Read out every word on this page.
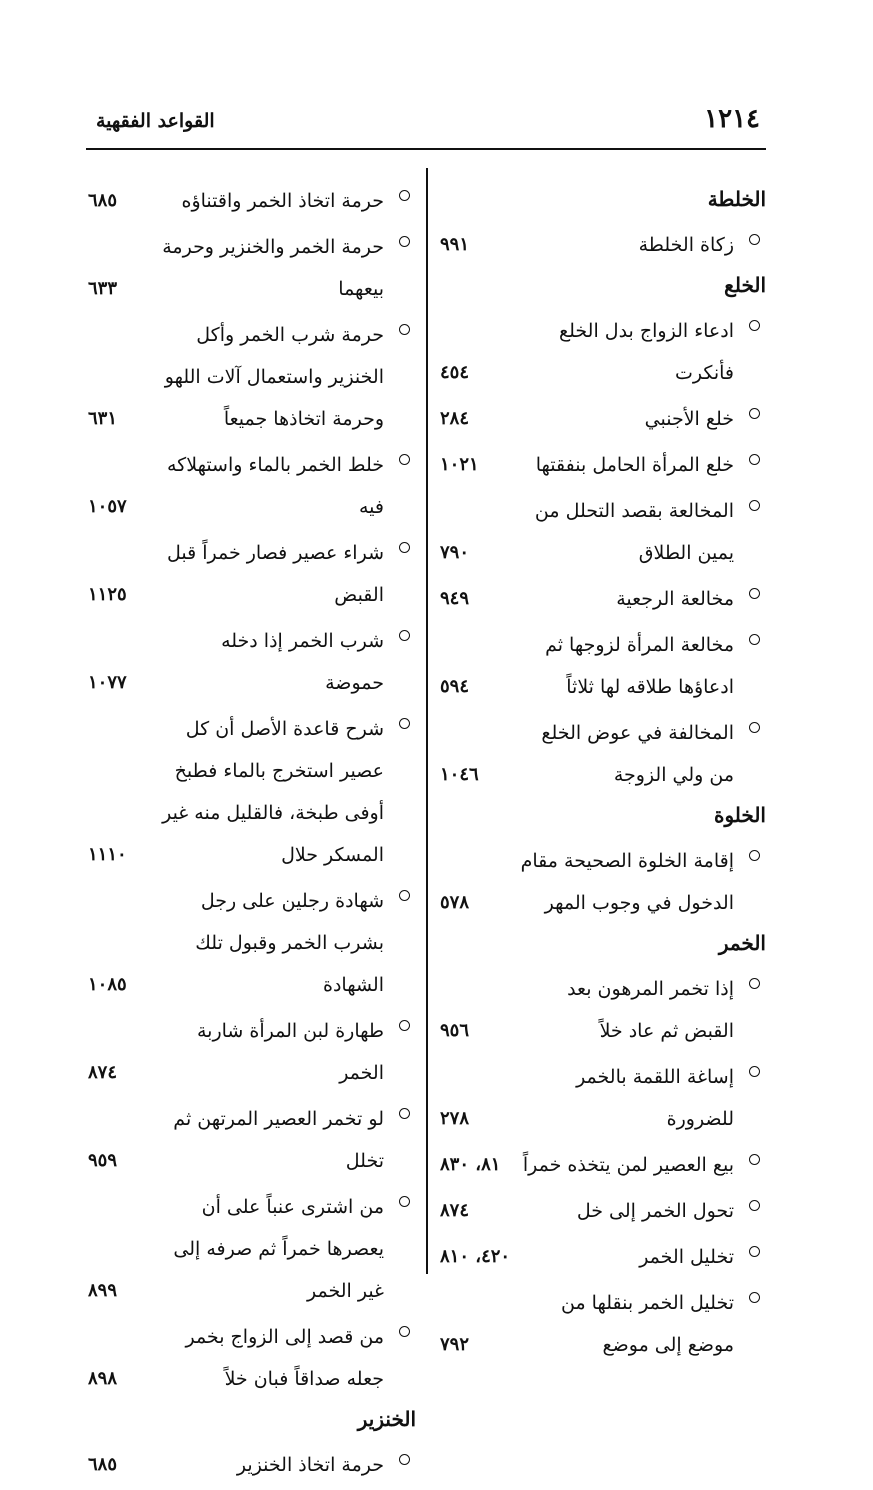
القواعد الفقهية	١٢١٤
الخلطة
زكاة الخلطة
٩٩١
الخلع
ادعاء الزواج بدل الخلع فأنكرت
٤٥٤
خلع الأجنبي
٢٨٤
خلع المرأة الحامل بنفقتها
١٠٢١
المخالعة بقصد التحلل من يمين الطلاق
٧٩٠
مخالعة الرجعية
٩٤٩
مخالعة المرأة لزوجها ثم ادعاؤها طلاقه لها ثلاثاً
٥٩٤
المخالفة في عوض الخلع من ولي الزوجة
١٠٤٦
الخلوة
إقامة الخلوة الصحيحة مقام الدخول في وجوب المهر
٥٧٨
الخمر
إذا تخمر المرهون بعد القبض ثم عاد خلاً
٩٥٦
إساغة اللقمة بالخمر للضرورة
٢٧٨
بيع العصير لمن يتخذه خمراً
٨١، ٨٣٠
تحول الخمر إلى خل
٨٧٤
تخليل الخمر
٤٢٠، ٨١٠
تخليل الخمر بنقلها من موضع إلى موضع
٧٩٢
حرمة اتخاذ الخمر واقتناؤه
٦٨٥
حرمة الخمر والخنزير وحرمة بيعهما
٦٣٣
حرمة شرب الخمر وأكل الخنزير واستعمال آلات اللهو وحرمة اتخاذها جميعاً
٦٣١
خلط الخمر بالماء واستهلاكه فيه
١٠٥٧
شراء عصير فصار خمراً قبل القبض
١١٢٥
شرب الخمر إذا دخله حموضة
١٠٧٧
شرح قاعدة الأصل أن كل عصير استخرج بالماء فطبخ أوفى طبخة، فالقليل منه غير المسكر حلال
١١١٠
شهادة رجلين على رجل بشرب الخمر وقبول تلك الشهادة
١٠٨٥
طهارة لبن المرأة شاربة الخمر
٨٧٤
لو تخمر العصير المرتهن ثم تخلل
٩٥٩
من اشترى عنباً على أن يعصرها خمراً ثم صرفه إلى غير الخمر
٨٩٩
من قصد إلى الزواج بخمر جعله صداقاً فبان خلاً
٨٩٨
الخنزير
حرمة اتخاذ الخنزير
٦٨٥
